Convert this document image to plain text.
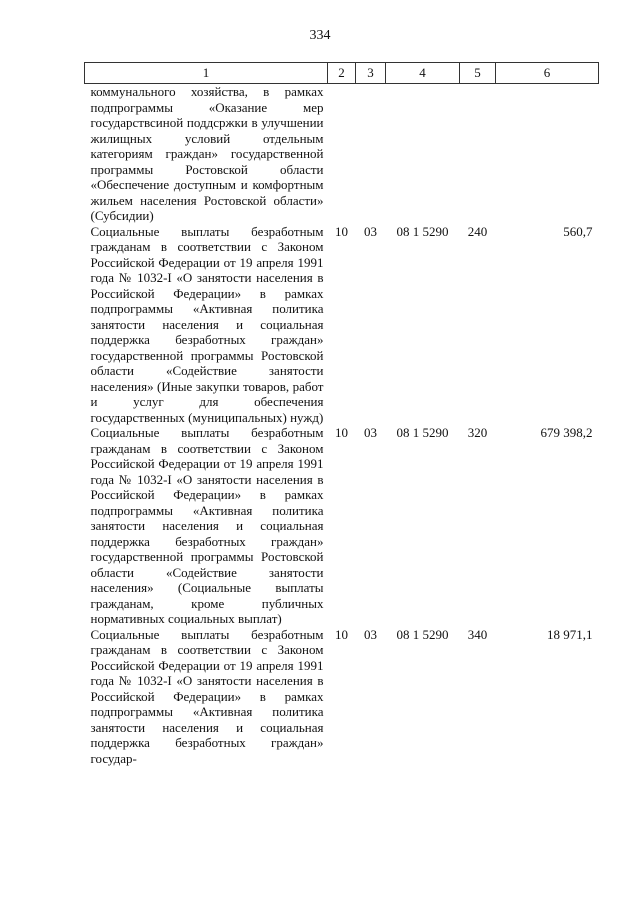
334
1	2	3	4	5	6
коммунального хозяйства, в рамках подпрограммы «Оказание мер государствсиной поддсржки в улучшении жилищных условий отдельным категориям граждан» государственной программы Ростовской области «Обеспечение доступным и комфортным жильем населения Ростовской области» (Субсидии)					
Социальные выплаты безработным гражданам в соответствии с Законом Российской Федерации от 19 апреля 1991 года № 1032-I «О занятости населения в Российской Федерации» в рамках подпрограммы «Активная политика занятости населения и социальная поддержка безработных граждан» государственной программы Ростовской области «Содействие занятости населения» (Иные закупки товаров, работ и услуг для обеспечения государственных (муниципальных) нужд)	10	03	08 1 5290	240	560,7
Социальные выплаты безработным гражданам в соответствии с Законом Российской Федерации от 19 апреля 1991 года № 1032-I «О занятости населения в Российской Федерации» в рамках подпрограммы «Активная политика занятости населения и социальная поддержка безработных граждан» государственной программы Ростовской области «Содействие занятости населения» (Социальные выплаты гражданам, кроме публичных нормативных социальных выплат)	10	03	08 1 5290	320	679 398,2
Социальные выплаты безработным гражданам в соответствии с Законом Российской Федерации от 19 апреля 1991 года № 1032-I «О занятости населения в Российской Федерации» в рамках подпрограммы «Активная политика занятости населения и социальная поддержка безработных граждан» государ-	10	03	08 1 5290	340	18 971,1
